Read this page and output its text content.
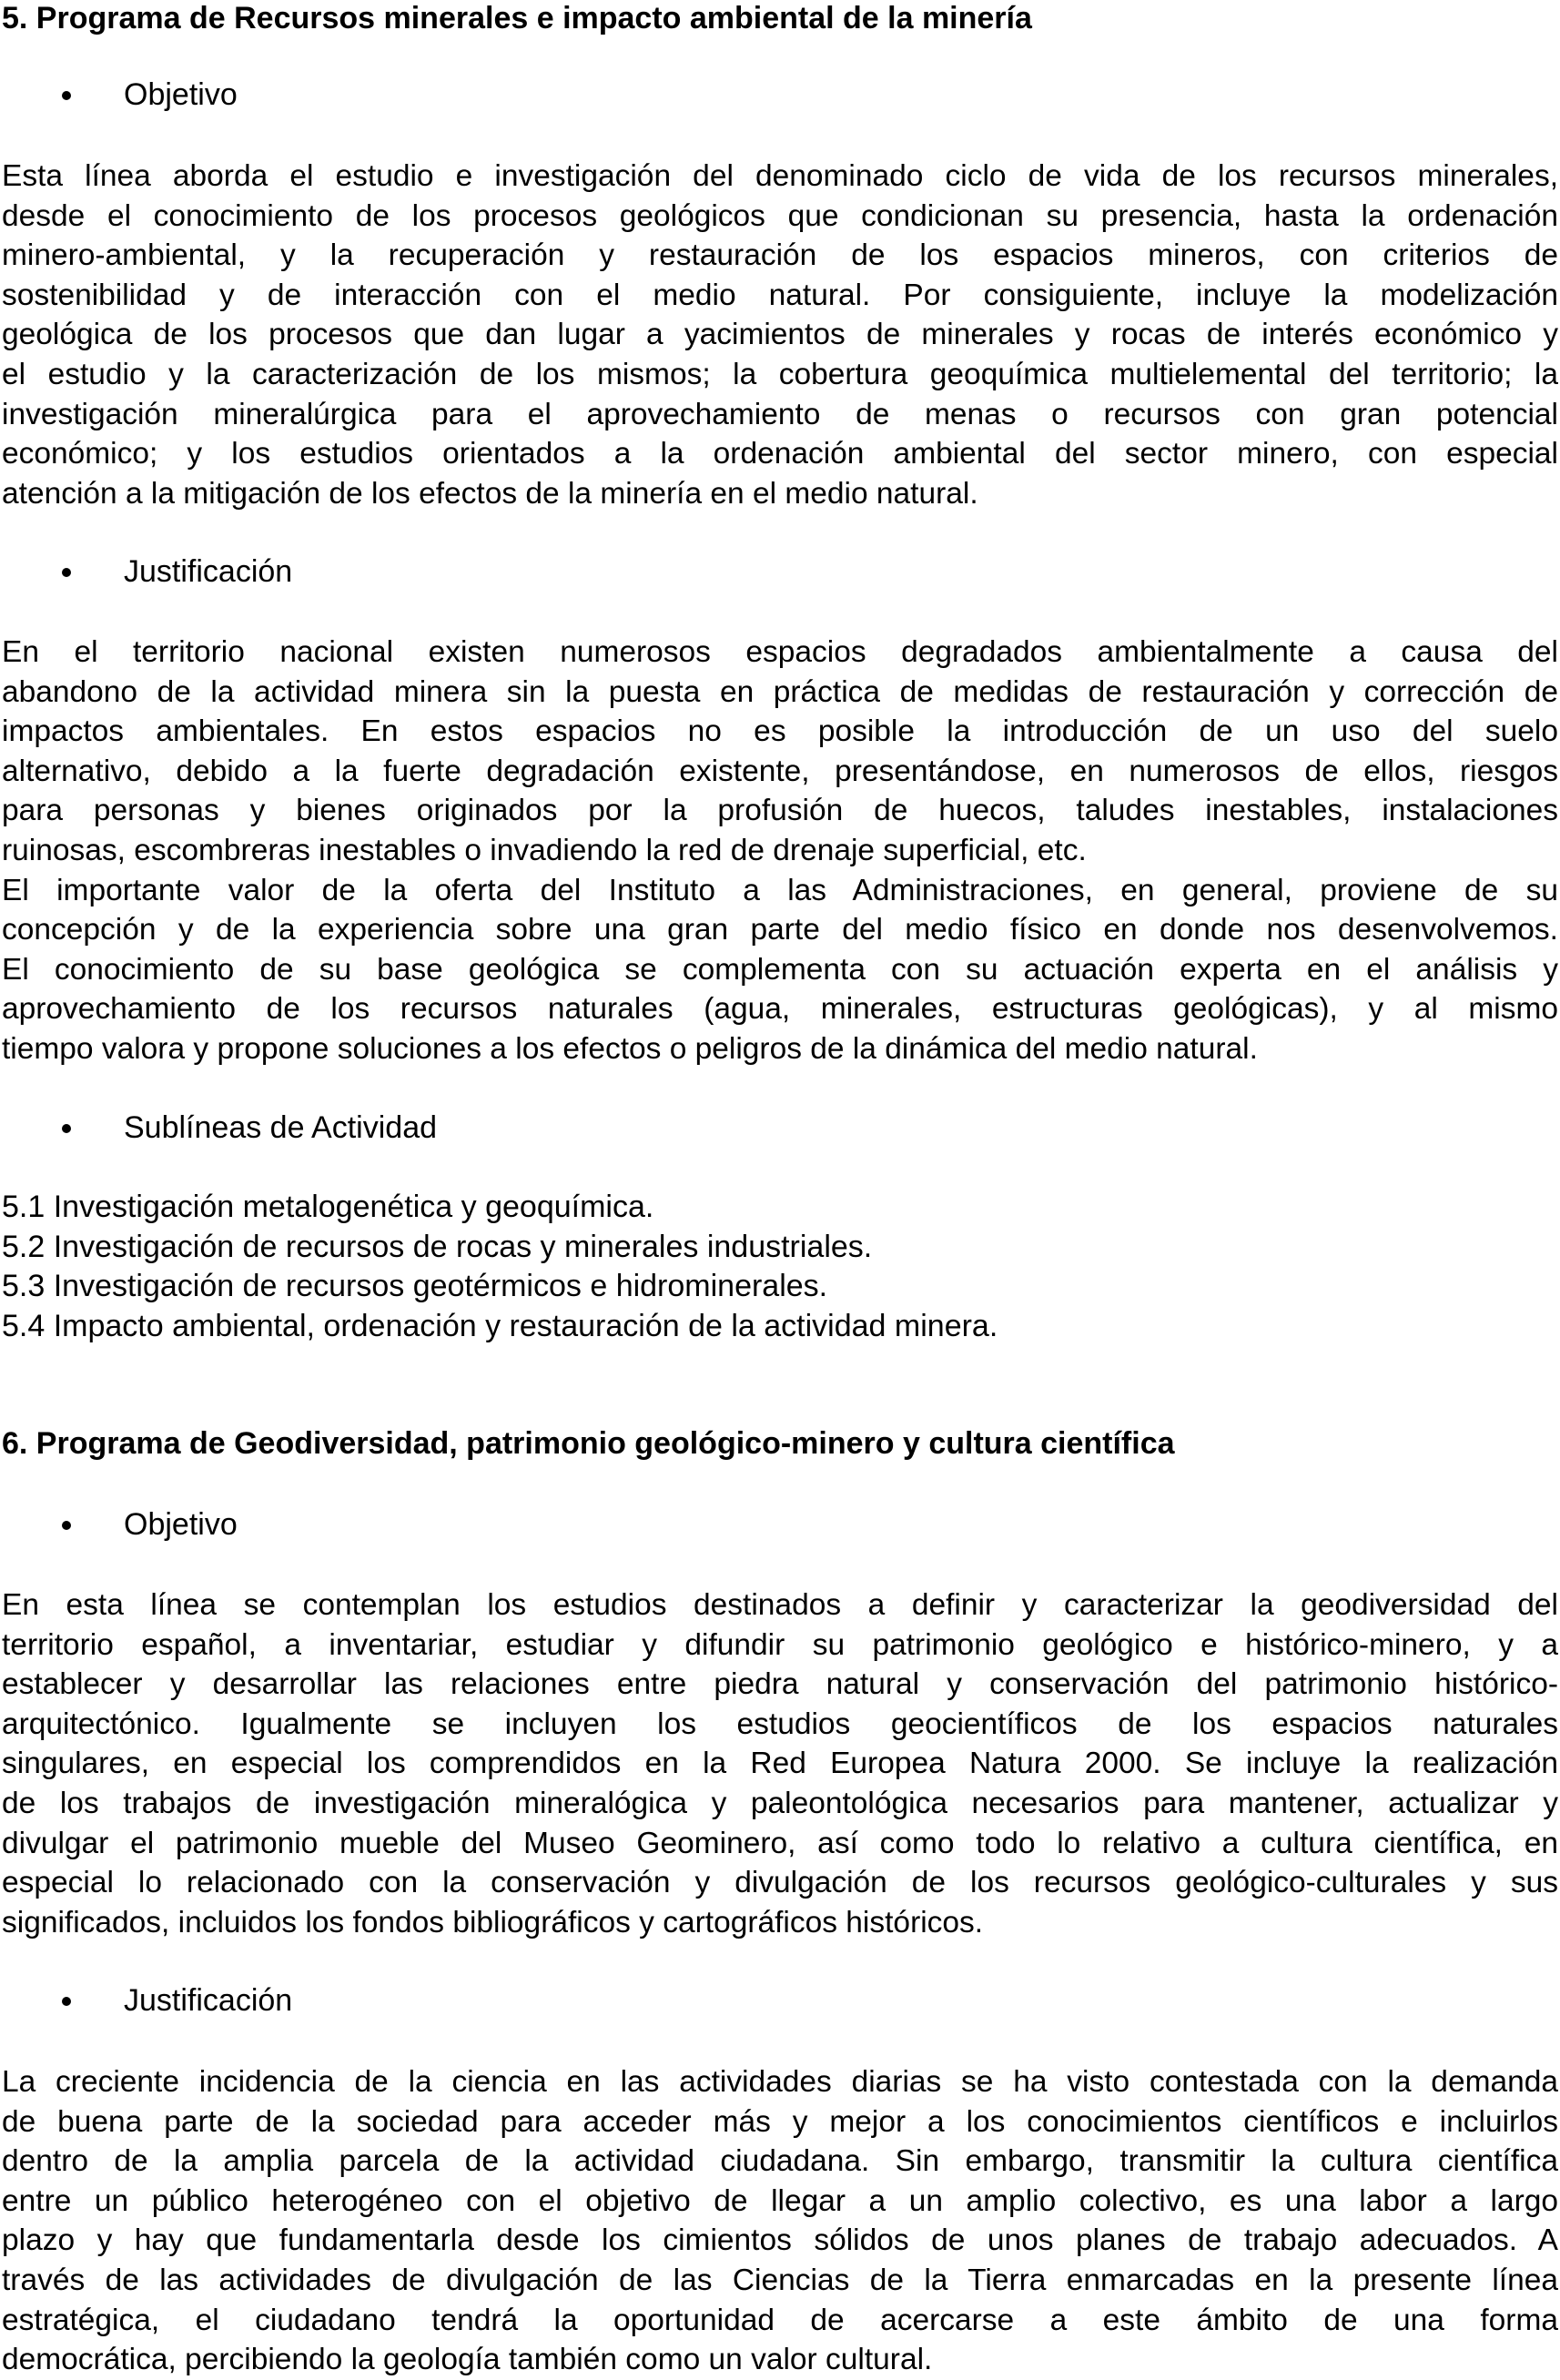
5. Programa de Recursos minerales e impacto ambiental de la minería
Objetivo
Esta línea aborda el estudio e investigación del denominado ciclo de vida de los recursos minerales,
desde el conocimiento de los procesos geológicos que condicionan su presencia, hasta la ordenación
minero-ambiental, y la recuperación y restauración de los espacios mineros, con criterios de
sostenibilidad y de interacción con el medio natural. Por consiguiente, incluye la modelización
geológica de los procesos que dan lugar a yacimientos de minerales y rocas de interés económico y
el estudio y la caracterización de los mismos; la cobertura geoquímica multielemental del territorio; la
investigación mineralúrgica para el aprovechamiento de menas o recursos con gran potencial
económico; y los estudios orientados a la ordenación ambiental del sector minero, con especial
atención a la mitigación de los efectos de la minería en el medio natural.
Justificación
En el territorio nacional existen numerosos espacios degradados ambientalmente a causa del
abandono de la actividad minera sin la puesta en práctica de medidas de restauración y corrección de
impactos ambientales. En estos espacios no es posible la introducción de un uso del suelo
alternativo, debido a la fuerte degradación existente, presentándose, en numerosos de ellos, riesgos
para personas y bienes originados por la profusión de huecos, taludes inestables, instalaciones
ruinosas, escombreras inestables o invadiendo la red de drenaje superficial, etc.
El importante valor de la oferta del Instituto a las Administraciones, en general, proviene de su
concepción y de la experiencia sobre una gran parte del medio físico en donde nos desenvolvemos.
El conocimiento de su base geológica se complementa con su actuación experta en el análisis y
aprovechamiento de los recursos naturales (agua, minerales, estructuras geológicas), y al mismo
tiempo valora y propone soluciones a los efectos o peligros de la dinámica del medio natural.
Sublíneas de Actividad
5.1 Investigación metalogenética y geoquímica.
5.2 Investigación de recursos de rocas y minerales industriales.
5.3 Investigación de recursos geotérmicos e hidrominerales.
5.4 Impacto ambiental, ordenación y restauración de la actividad minera.
6. Programa de Geodiversidad, patrimonio geológico-minero y cultura científica
Objetivo
En esta línea se contemplan los estudios destinados a definir y caracterizar la geodiversidad del
territorio español, a inventariar, estudiar y difundir su patrimonio geológico e histórico-minero, y a
establecer y desarrollar las relaciones entre piedra natural y conservación del patrimonio histórico-
arquitectónico. Igualmente se incluyen los estudios geocientíficos de los espacios naturales
singulares, en especial los comprendidos en la Red Europea Natura 2000. Se incluye la realización
de los trabajos de investigación mineralógica y paleontológica necesarios para mantener, actualizar y
divulgar el patrimonio mueble del Museo Geominero, así como todo lo relativo a cultura científica, en
especial lo relacionado con la conservación y divulgación de los recursos geológico-culturales y sus
significados, incluidos los fondos bibliográficos y cartográficos históricos.
Justificación
La creciente incidencia de la ciencia en las actividades diarias se ha visto contestada con la demanda
de buena parte de la sociedad para acceder más y mejor a los conocimientos científicos e incluirlos
dentro de la amplia parcela de la actividad ciudadana. Sin embargo, transmitir la cultura científica
entre un público heterogéneo con el objetivo de llegar a un amplio colectivo, es una labor a largo
plazo y hay que fundamentarla desde los cimientos sólidos de unos planes de trabajo adecuados. A
través de las actividades de divulgación de las Ciencias de la Tierra enmarcadas en la presente línea
estratégica, el ciudadano tendrá la oportunidad de acercarse a este ámbito de una forma
democrática, percibiendo la geología también como un valor cultural.
